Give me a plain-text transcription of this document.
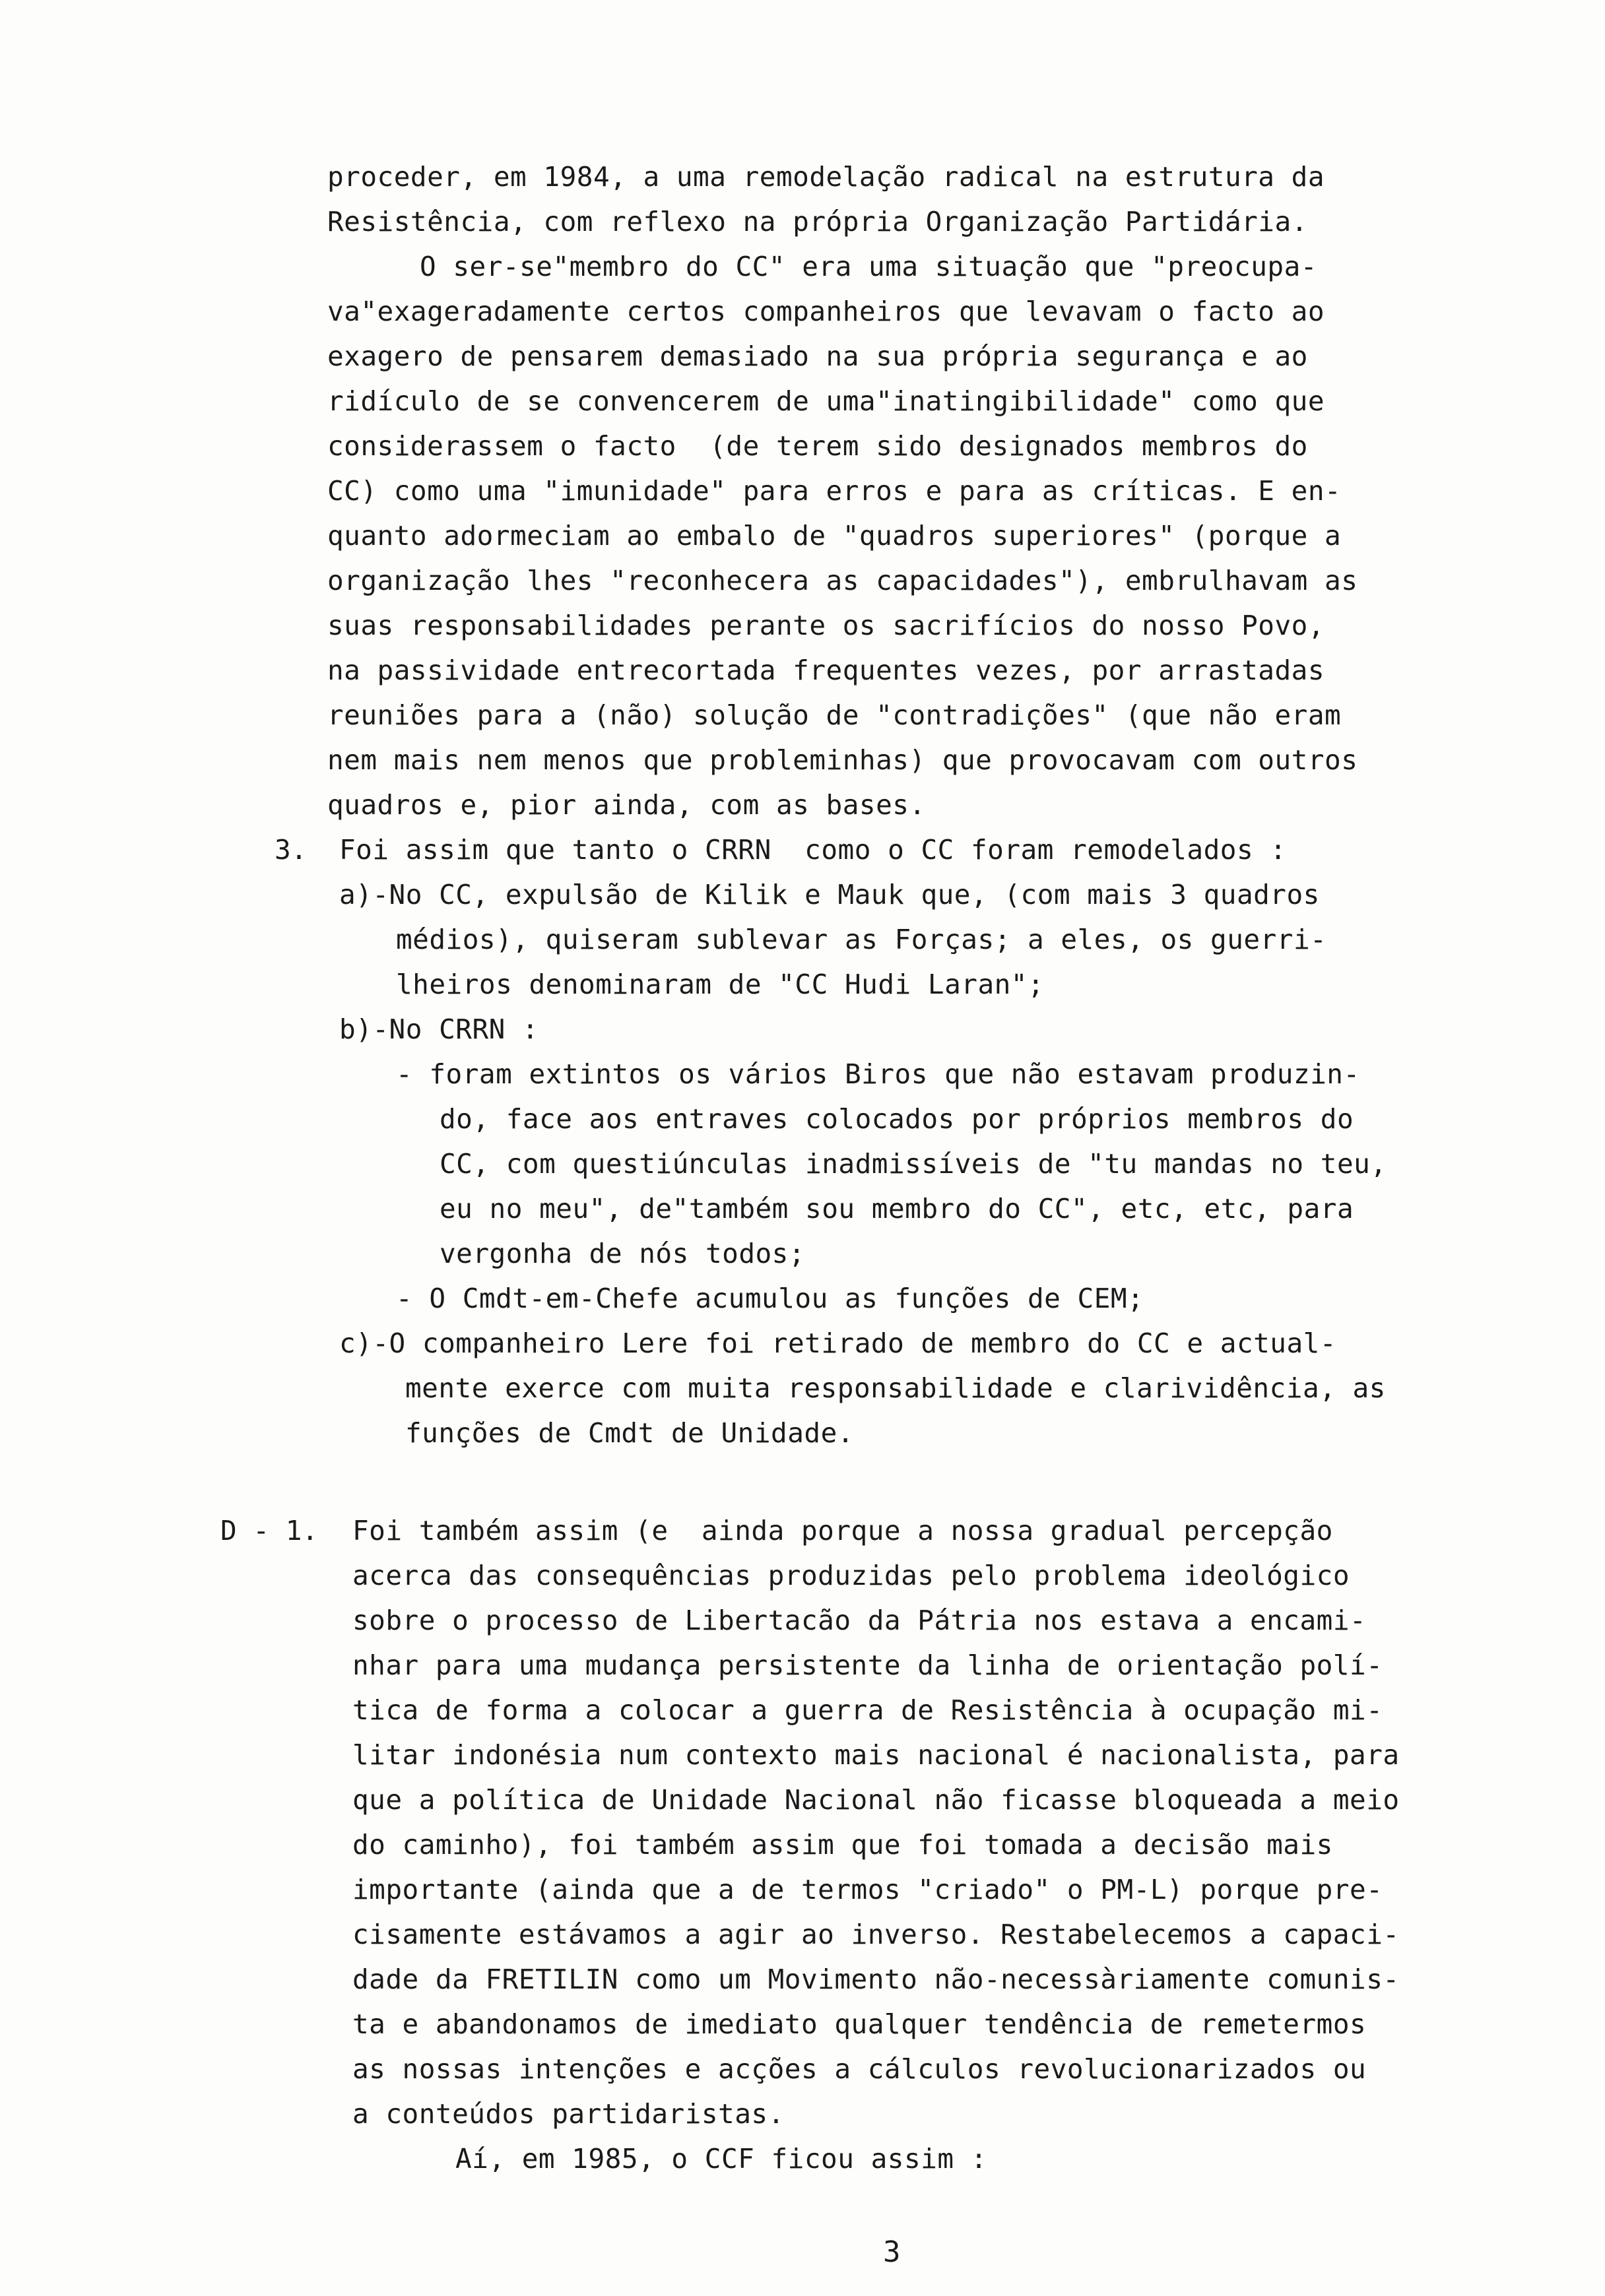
proceder, em 1984, a uma remodelação radical na estrutura da
Resistência, com reflexo na própria Organização Partidária.
O ser-se"membro do CC" era uma situação que "preocupa-
va"exageradamente certos companheiros que levavam o facto ao
exagero de pensarem demasiado na sua própria segurança e ao
ridículo de se convencerem de uma"inatingibilidade" como que
considerassem o facto  (de terem sido designados membros do
CC) como uma "imunidade" para erros e para as críticas. E en-
quanto adormeciam ao embalo de "quadros superiores" (porque a
organização lhes "reconhecera as capacidades"), embrulhavam as
suas responsabilidades perante os sacrifícios do nosso Povo,
na passividade entrecortada frequentes vezes, por arrastadas
reuniões para a (não) solução de "contradições" (que não eram
nem mais nem menos que probleminhas) que provocavam com outros
quadros e, pior ainda, com as bases.
3. Foi assim que tanto o CRRN  como o CC foram remodelados :
a)-No CC, expulsão de Kilik e Mauk que, (com mais 3 quadros
médios), quiseram sublevar as Forças; a eles, os guerri-
lheiros denominaram de "CC Hudi Laran";
b)-No CRRN :
- foram extintos os vários Biros que não estavam produzin-
do, face aos entraves colocados por próprios membros do
CC, com questiúnculas inadmissíveis de "tu mandas no teu,
eu no meu", de"também sou membro do CC", etc, etc, para
vergonha de nós todos;
- O Cmdt-em-Chefe acumulou as funções de CEM;
c)-O companheiro Lere foi retirado de membro do CC e actual-
mente exerce com muita responsabilidade e clarividência, as
funções de Cmdt de Unidade.
D - 1. Foi também assim (e  ainda porque a nossa gradual percepção
acerca das consequências produzidas pelo problema ideológico
sobre o processo de Libertacão da Pátria nos estava a encami-
nhar para uma mudança persistente da linha de orientação polí-
tica de forma a colocar a guerra de Resistência à ocupação mi-
litar indonésia num contexto mais nacional é nacionalista, para
que a política de Unidade Nacional não ficasse bloqueada a meio
do caminho), foi também assim que foi tomada a decisão mais
importante (ainda que a de termos "criado" o PM-L) porque pre-
cisamente estávamos a agir ao inverso. Restabelecemos a capaci-
dade da FRETILIN como um Movimento não-necessàriamente comunis-
ta e abandonamos de imediato qualquer tendência de remetermos
as nossas intenções e acções a cálculos revolucionarizados ou
a conteúdos partidaristas.
Aí, em 1985, o CCF ficou assim :
3
